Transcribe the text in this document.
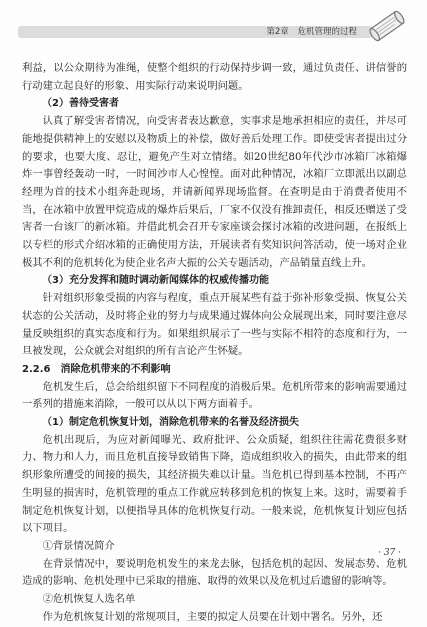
第2章 危机管理的过程

利益，以公众期待为准绳，使整个组织的行动保持步调一致，通过负责任、讲信誉的行动建立起良好的形象、用实际行动来说明问题。

（2）善待受害者

认真了解受害者情况，向受害者表达歉意，实事求是地承担相应的责任，并尽可能地提供精神上的安慰以及物质上的补偿，做好善后处理工作。即使受害者提出过分的要求，也要大度、忍让，避免产生对立情绪。如20世纪80年代沙市冰箱厂冰箱爆炸一事曾经轰动一时，一时间沙市人心惶惶。面对此种情况，冰箱厂立即派出以副总经理为首的技术小组奔赴现场，并请新闻界现场监督。在查明是由于消费者使用不当，在冰箱中放置甲烷造成的爆炸后果后，厂家不仅没有推卸责任，相反还赠送了受害者一台该厂的新冰箱。并借此机会召开专家座谈会探讨冰箱的改进问题，在报纸上以专栏的形式介绍冰箱的正确使用方法，开展读者有奖知识问答活动，使一场对企业极其不利的危机转化为使企业名声大振的公关专题活动，产品销量直线上升。

（3）充分发挥和随时调动新闻媒体的权威传播功能

针对组织形象受损的内容与程度，重点开展某些有益于弥补形象受损、恢复公关状态的公关活动，及时将企业的努力与成果通过媒体向公众展现出来，同时要注意尽量反映组织的真实态度和行为。如果组织展示了一些与实际不相符的态度和行为，一旦被发现，公众就会对组织的所有言论产生怀疑。

2.2.6　消除危机带来的不利影响

危机发生后，总会给组织留下不同程度的消极后果。危机所带来的影响需要通过一系列的措施来消除，一般可以从以下两方面着手。

（1）制定危机恢复计划，消除危机带来的名誉及经济损失

危机出现后，为应对新闻曝光、政府批评、公众质疑，组织往往需花费很多财力、物力和人力，而且危机直接导致销售下降，造成组织收入的损失，由此带来的组织形象所遭受的间接的损失，其经济损失难以计量。当危机已得到基本控制，不再产生明显的损害时，危机管理的重点工作就应转移到危机的恢复上来。这时，需要着手制定危机恢复计划，以便指导具体的危机恢复行动。一般来说，危机恢复计划应包括以下项目。

①背景情况简介

在背景情况中，要说明危机发生的来龙去脉，包括危机的起因、发展态势、危机造成的影响、危机处理中已采取的措施、取得的效果以及危机过后遗留的影响等。

②危机恢复人选名单

作为危机恢复计划的常规项目，主要的拟定人员要在计划中署名。另外，还

· 37 ·
